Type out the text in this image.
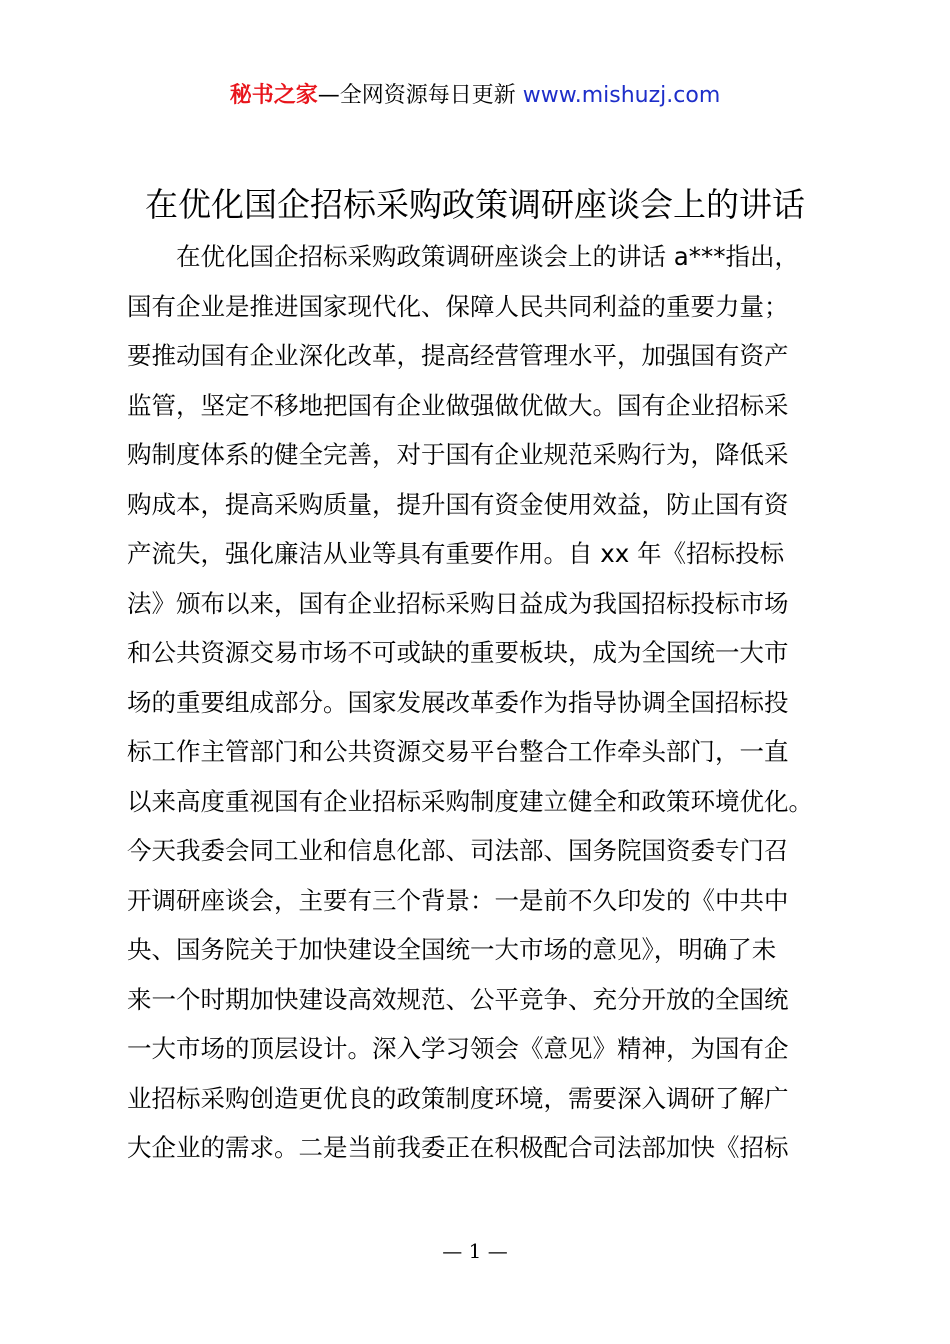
秘书之家—全网资源每日更新 www.mishuzj.com
在优化国企招标采购政策调研座谈会上的讲话
　　在优化国企招标采购政策调研座谈会上的讲话 a***指出，
国有企业是推进国家现代化、保障人民共同利益的重要力量；
要推动国有企业深化改革，提高经营管理水平，加强国有资产
监管，坚定不移地把国有企业做强做优做大。国有企业招标采
购制度体系的健全完善，对于国有企业规范采购行为，降低采
购成本，提高采购质量，提升国有资金使用效益，防止国有资
产流失，强化廉洁从业等具有重要作用。自 xx 年《招标投标
法》颁布以来，国有企业招标采购日益成为我国招标投标市场
和公共资源交易市场不可或缺的重要板块，成为全国统一大市
场的重要组成部分。国家发展改革委作为指导协调全国招标投
标工作主管部门和公共资源交易平台整合工作牵头部门，一直
以来高度重视国有企业招标采购制度建立健全和政策环境优化。
今天我委会同工业和信息化部、司法部、国务院国资委专门召
开调研座谈会，主要有三个背景：一是前不久印发的《中共中
央、国务院关于加快建设全国统一大市场的意见》，明确了未
来一个时期加快建设高效规范、公平竞争、充分开放的全国统
一大市场的顶层设计。深入学习领会《意见》精神，为国有企
业招标采购创造更优良的政策制度环境，需要深入调研了解广
大企业的需求。二是当前我委正在积极配合司法部加快《招标
— 1 —
